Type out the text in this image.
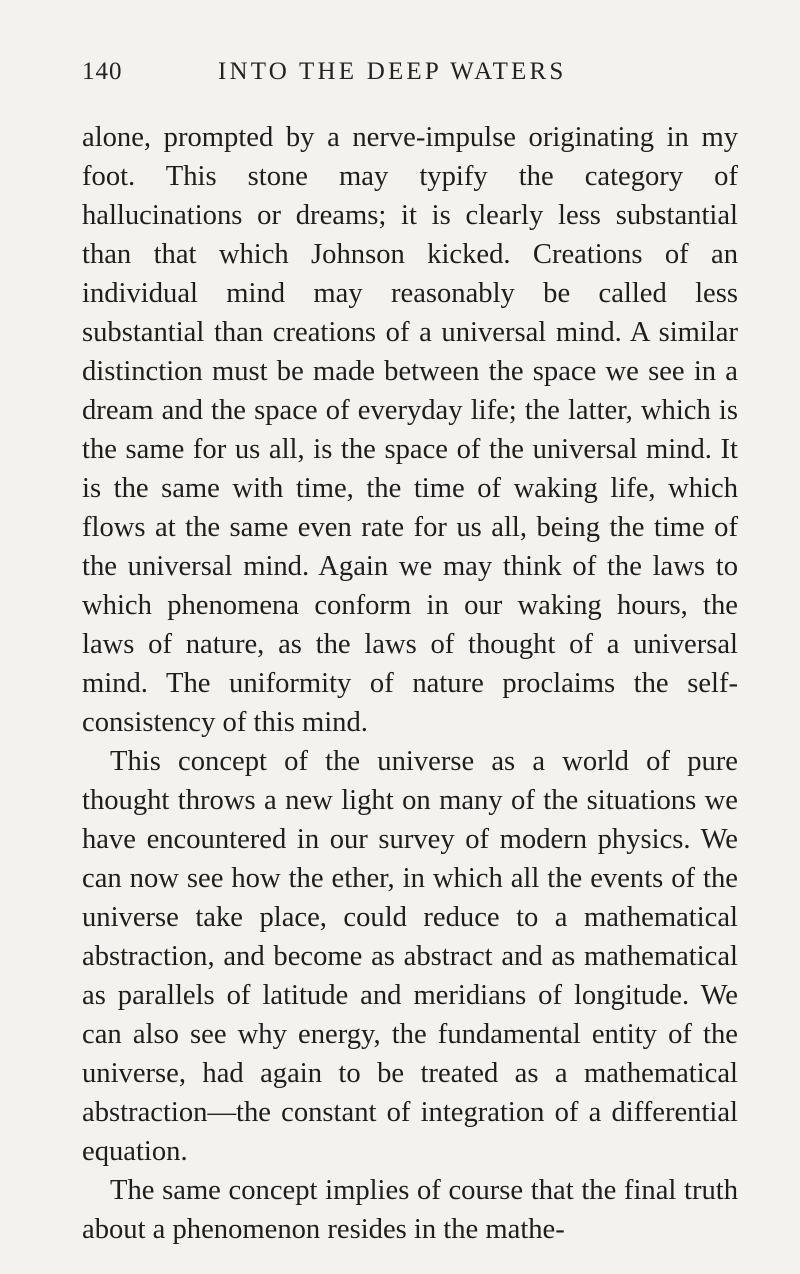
140	INTO THE DEEP WATERS

alone, prompted by a nerve-impulse originating in my foot. This stone may typify the category of hallucinations or dreams; it is clearly less substantial than that which Johnson kicked. Creations of an individual mind may reasonably be called less substantial than creations of a universal mind. A similar distinction must be made between the space we see in a dream and the space of everyday life; the latter, which is the same for us all, is the space of the universal mind. It is the same with time, the time of waking life, which flows at the same even rate for us all, being the time of the universal mind. Again we may think of the laws to which phenomena conform in our waking hours, the laws of nature, as the laws of thought of a universal mind. The uniformity of nature proclaims the self-consistency of this mind.

This concept of the universe as a world of pure thought throws a new light on many of the situations we have encountered in our survey of modern physics. We can now see how the ether, in which all the events of the universe take place, could reduce to a mathematical abstraction, and become as abstract and as mathematical as parallels of latitude and meridians of longitude. We can also see why energy, the fundamental entity of the universe, had again to be treated as a mathematical abstraction—the constant of integration of a differential equation.

The same concept implies of course that the final truth about a phenomenon resides in the mathe-
